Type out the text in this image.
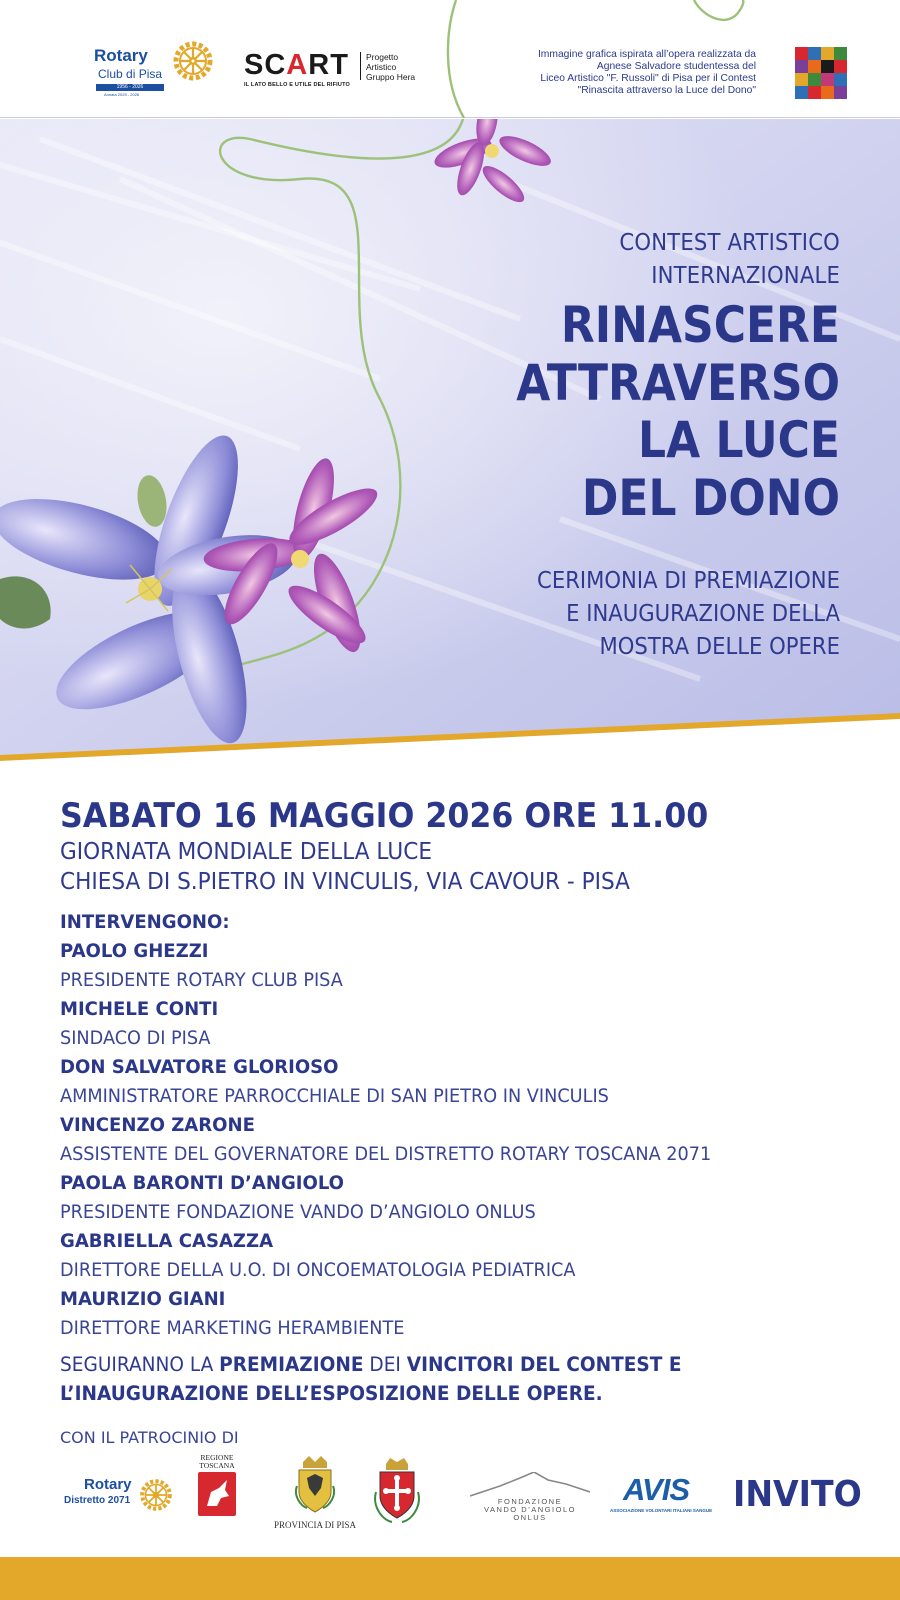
Rotary
Club di Pisa
1956 - 2026
Annata 2025 - 2026
SCART Progetto
Artistico
Gruppo Hera
IL LATO BELLO E UTILE DEL RIFIUTO
Immagine grafica ispirata all’opera realizzata da
Agnese Salvadore studentessa del
Liceo Artistico "F. Russoli" di Pisa per il Contest
"Rinascita attraverso la Luce del Dono"
CONTEST ARTISTICO
INTERNAZIONALE
RINASCERE
ATTRAVERSO
LA LUCE
DEL DONO
CERIMONIA DI PREMIAZIONE
E INAUGURAZIONE DELLA
MOSTRA DELLE OPERE
SABATO 16 MAGGIO 2026 ORE 11.00
GIORNATA MONDIALE DELLA LUCE
CHIESA DI S.PIETRO IN VINCULIS, VIA CAVOUR - PISA
INTERVENGONO:
PAOLO GHEZZI
PRESIDENTE ROTARY CLUB PISA
MICHELE CONTI
SINDACO DI PISA
DON SALVATORE GLORIOSO
AMMINISTRATORE PARROCCHIALE DI SAN PIETRO IN VINCULIS
VINCENZO ZARONE
ASSISTENTE DEL GOVERNATORE DEL DISTRETTO ROTARY TOSCANA 2071
PAOLA BARONTI D’ANGIOLO
PRESIDENTE FONDAZIONE VANDO D’ANGIOLO ONLUS
GABRIELLA CASAZZA
DIRETTORE DELLA U.O. DI ONCOEMATOLOGIA PEDIATRICA
MAURIZIO GIANI
DIRETTORE MARKETING HERAMBIENTE
SEGUIRANNO LA PREMIAZIONE DEI VINCITORI DEL CONTEST E
L’INAUGURAZIONE DELL’ESPOSIZIONE DELLE OPERE.
CON IL PATROCINIO DI
Rotary
Distretto 2071
REGIONE
TOSCANA
PROVINCIA DI PISA
FONDAZIONE
VANDO D’ANGIOLO
ONLUS
AVIS
ASSOCIAZIONE VOLONTARI ITALIANI SANGUE INVITO
